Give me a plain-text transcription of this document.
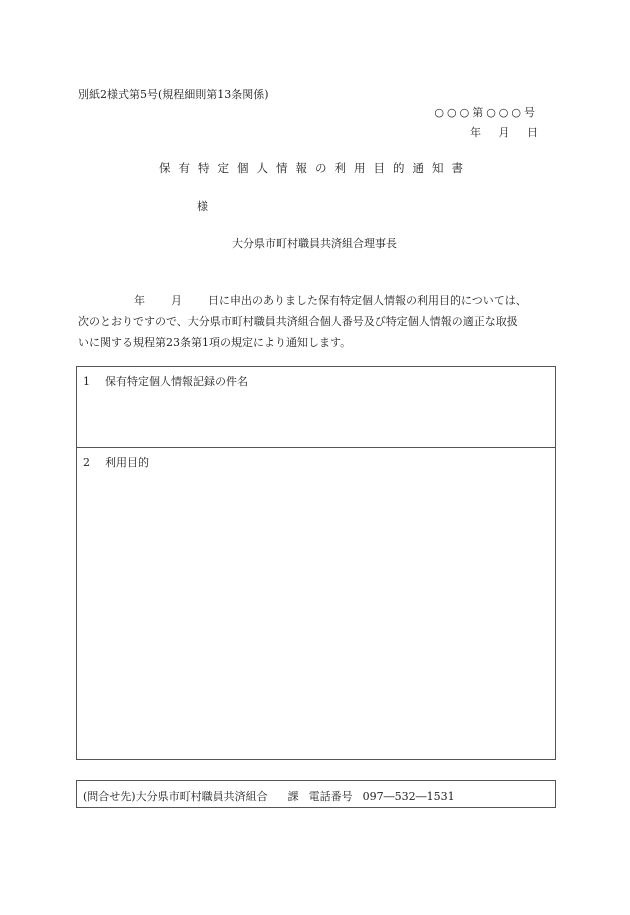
別紙2様式第5号(規程細則第13条関係)
○○○第○○○号
年 月 日
保有特定個人情報の利用目的通知書
様
大分県市町村職員共済組合理事長
年 月 日に申出のありました保有特定個人情報の利用目的については、
次のとおりですので、大分県市町村職員共済組合個人番号及び特定個人情報の適正な取扱
いに関する規程第23条第1項の規定により通知します。
1 保有特定個人情報記録の件名
2 利用目的
(問合せ先)大分県市町村職員共済組合 課 電話番号 097―532―1531
